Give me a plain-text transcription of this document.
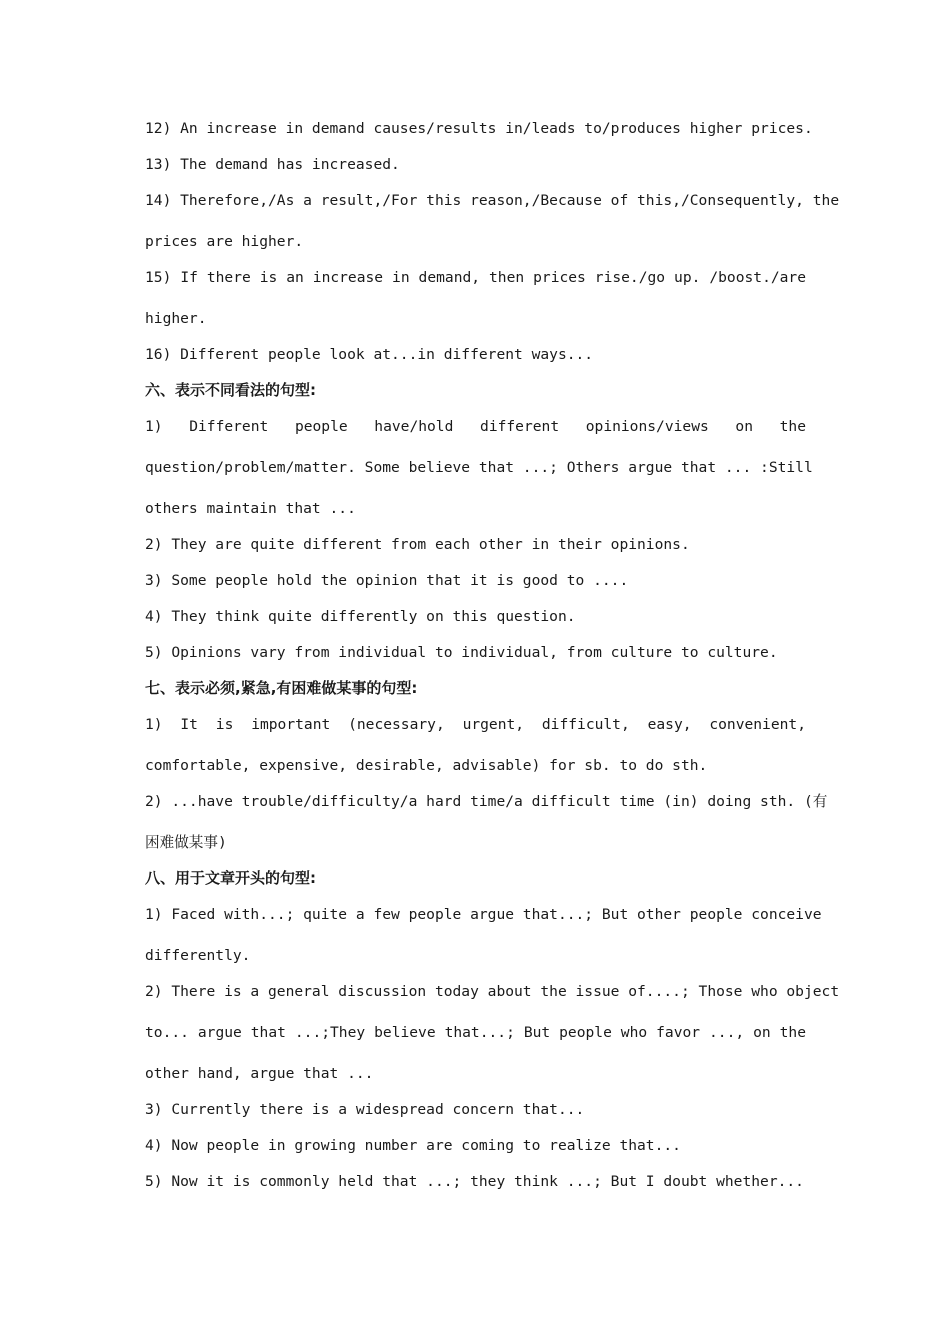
12) An increase in demand causes/results in/leads to/produces higher prices.
13) The demand has increased.
14) Therefore,/As a result,/For this reason,/Because of this,/Consequently, the
prices are higher.
15) If there is an increase in demand, then prices rise./go up. /boost./are
higher.
16) Different people look at...in different ways...
六、表示不同看法的句型:
1) Different people have/hold different opinions/views on the
question/problem/matter. Some believe that ...; Others argue that ... :Still
others maintain that ...
2) They are quite different from each other in their opinions.
3) Some people hold the opinion that it is good to ....
4) They think quite differently on this question.
5) Opinions vary from individual to individual, from culture to culture.
七、表示必须,紧急,有困难做某事的句型:
1) It is important (necessary, urgent, difficult, easy, convenient,
comfortable, expensive, desirable, advisable) for sb. to do sth.
2) ...have trouble/difficulty/a hard time/a difficult time (in) doing sth. (有
困难做某事)
八、用于文章开头的句型:
1) Faced with...; quite a few people argue that...; But other people conceive
differently.
2) There is a general discussion today about the issue of....; Those who object
to... argue that ...;They believe that...; But people who favor ..., on the
other hand, argue that ...
3) Currently there is a widespread concern that...
4) Now people in growing number are coming to realize that...
5) Now it is commonly held that ...; they think ...; But I doubt whether...
